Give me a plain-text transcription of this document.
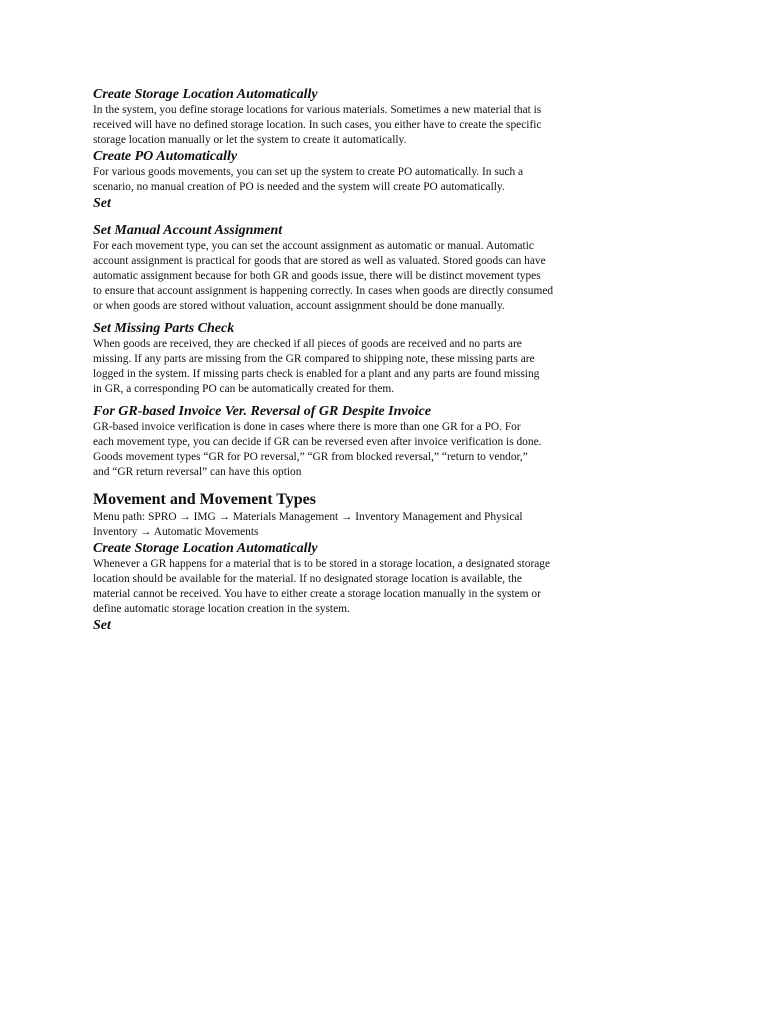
Create Storage Location Automatically
In the system, you define storage locations for various materials. Sometimes a new material that is
received will have no defined storage location. In such cases, you either have to create the specific
storage location manually or let the system to create it automatically.
Create PO Automatically
For various goods movements, you can set up the system to create PO automatically. In such a
scenario, no manual creation of PO is needed and the system will create PO automatically.
Set
Set Manual Account Assignment
For each movement type, you can set the account assignment as automatic or manual. Automatic
account assignment is practical for goods that are stored as well as valuated. Stored goods can have
automatic assignment because for both GR and goods issue, there will be distinct movement types
to ensure that account assignment is happening correctly. In cases when goods are directly consumed
or when goods are stored without valuation, account assignment should be done manually.
Set Missing Parts Check
When goods are received, they are checked if all pieces of goods are received and no parts are
missing. If any parts are missing from the GR compared to shipping note, these missing parts are
logged in the system. If missing parts check is enabled for a plant and any parts are found missing
in GR, a corresponding PO can be automatically created for them.
For GR-based Invoice Ver. Reversal of GR Despite Invoice
GR-based invoice verification is done in cases where there is more than one GR for a PO. For
each movement type, you can decide if GR can be reversed even after invoice verification is done.
Goods movement types “GR for PO reversal,” “GR from blocked reversal,” “return to vendor,”
and “GR return reversal” can have this option
Movement and Movement Types
Menu path: SPRO → IMG → Materials Management → Inventory Management and Physical
Inventory → Automatic Movements
Create Storage Location Automatically
Whenever a GR happens for a material that is to be stored in a storage location, a designated storage
location should be available for the material. If no designated storage location is available, the
material cannot be received. You have to either create a storage location manually in the system or
define automatic storage location creation in the system.
Set
